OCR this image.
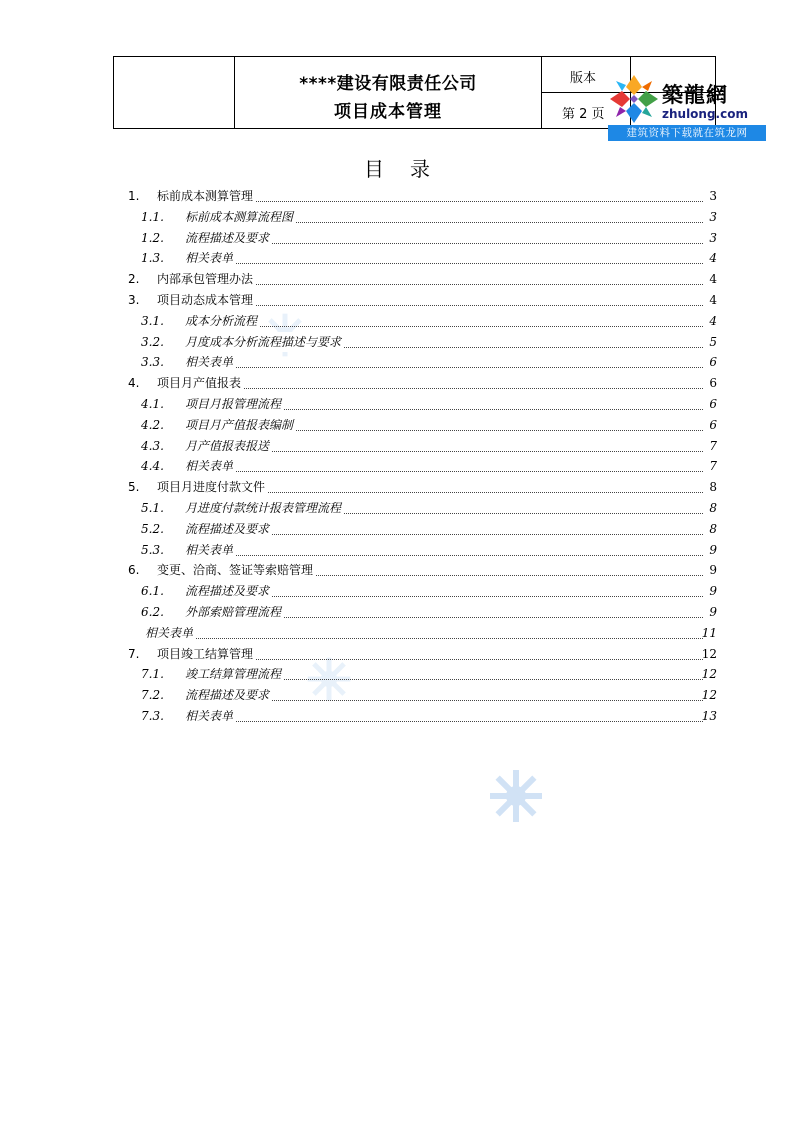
****建设有限责任公司
项目成本管理
版本
第 2 页
築龍網
zhulong.com
建筑资料下载就在筑龙网
目录
1. 标前成本测算管理	3
1.1. 标前成本测算流程图	3
1.2. 流程描述及要求	3
1.3. 相关表单	4
2. 内部承包管理办法	4
3. 项目动态成本管理	4
3.1. 成本分析流程	4
3.2. 月度成本分析流程描述与要求	5
3.3. 相关表单	6
4. 项目月产值报表	6
4.1. 项目月报管理流程	6
4.2. 项目月产值报表编制	6
4.3. 月产值报表报送	7
4.4. 相关表单	7
5. 项目月进度付款文件	8
5.1. 月进度付款统计报表管理流程	8
5.2. 流程描述及要求	8
5.3. 相关表单	9
6. 变更、洽商、签证等索赔管理	9
6.1. 流程描述及要求	9
6.2. 外部索赔管理流程	9
相关表单	11
7. 项目竣工结算管理	12
7.1. 竣工结算管理流程	12
7.2. 流程描述及要求	12
7.3. 相关表单	13
